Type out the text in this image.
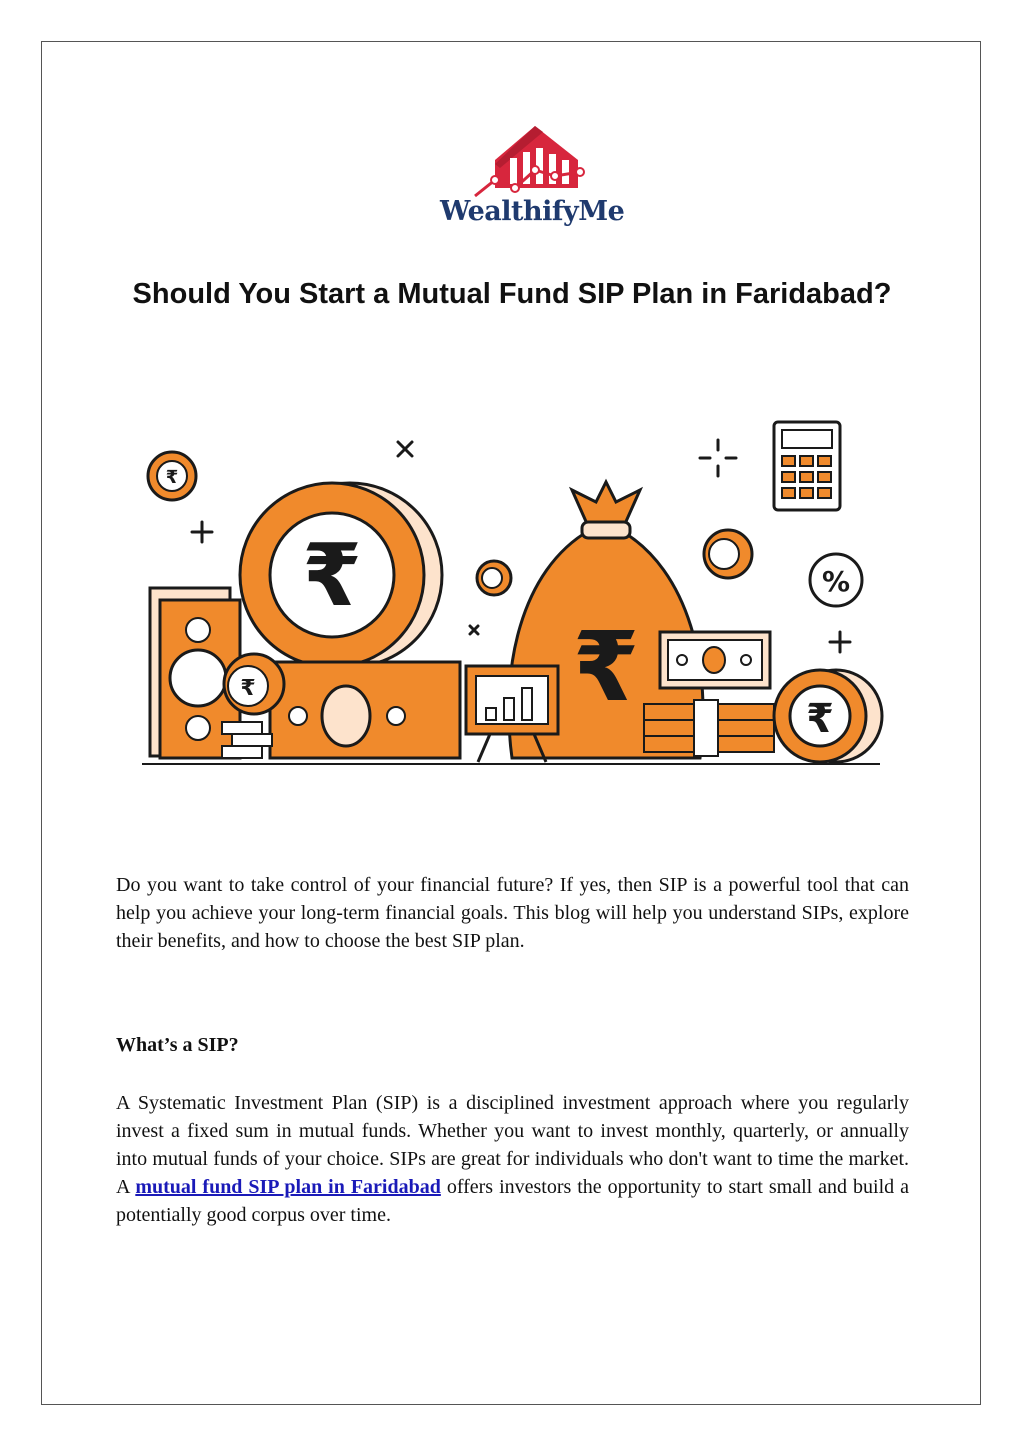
WealthifyMe
Should You Start a Mutual Fund SIP Plan in Faridabad?
₹
₹
₹	₹
%
₹

Do you want to take control of your financial future? If yes, then SIP is a powerful tool that can help you achieve your long-term financial goals. This blog will help you understand SIPs, explore their benefits, and how to choose the best SIP plan.

What’s a SIP?

A Systematic Investment Plan (SIP) is a disciplined investment approach where you regularly invest a fixed sum in mutual funds. Whether you want to invest monthly, quarterly, or annually into mutual funds of your choice. SIPs are great for individuals who don't want to time the market. A mutual fund SIP plan in Faridabad offers investors the opportunity to start small and build a potentially good corpus over time.
